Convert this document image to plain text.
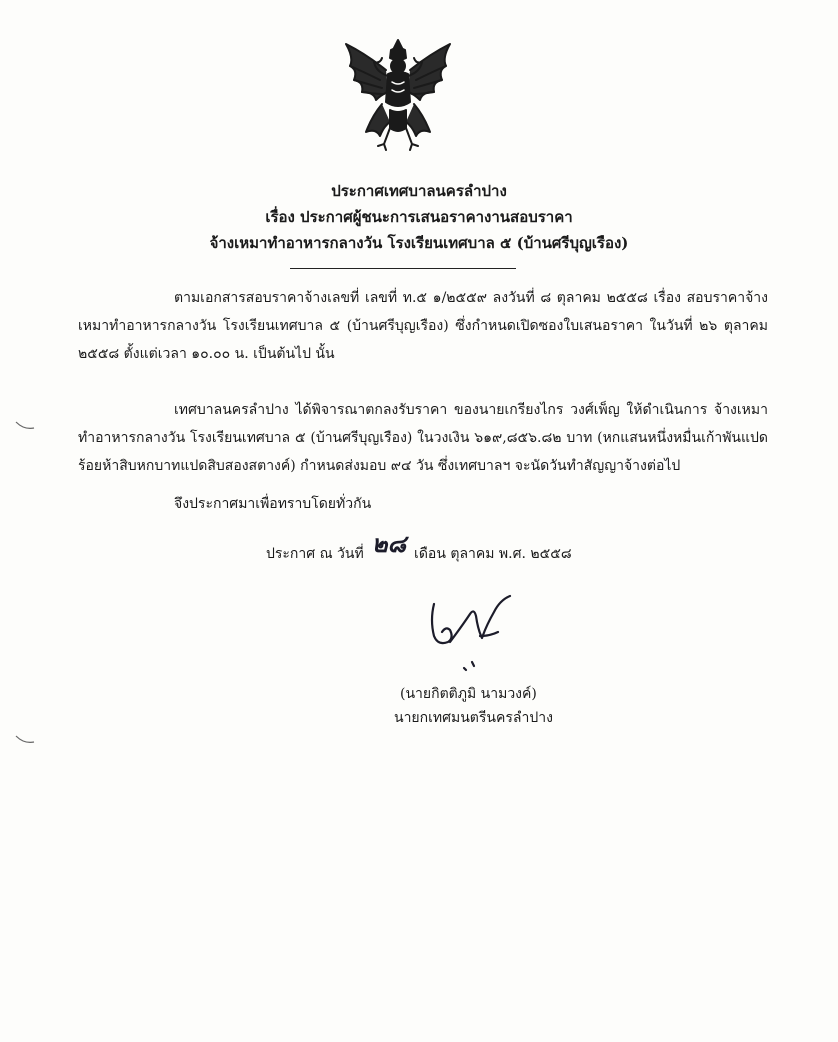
ประกาศเทศบาลนครลำปาง
เรื่อง ประกาศผู้ชนะการเสนอราคางานสอบราคา
จ้างเหมาทำอาหารกลางวัน โรงเรียนเทศบาล ๕ (บ้านศรีบุญเรือง)
ตามเอกสารสอบราคาจ้างเลขที่ เลขที่ ท.๕ ๑/๒๕๕๙ ลงวันที่ ๘ ตุลาคม ๒๕๕๘ เรื่อง สอบราคาจ้างเหมาทำอาหารกลางวัน โรงเรียนเทศบาล ๕ (บ้านศรีบุญเรือง) ซึ่งกำหนดเปิดซองใบเสนอราคา ในวันที่ ๒๖ ตุลาคม ๒๕๕๘ ตั้งแต่เวลา ๑๐.๐๐ น. เป็นต้นไป นั้น
เทศบาลนครลำปาง ได้พิจารณาตกลงรับราคา ของนายเกรียงไกร วงศ์เพ็ญ ให้ดำเนินการ จ้างเหมาทำอาหารกลางวัน โรงเรียนเทศบาล ๕ (บ้านศรีบุญเรือง) ในวงเงิน ๖๑๙,๘๕๖.๘๒ บาท (หกแสนหนึ่งหมื่นเก้าพันแปดร้อยห้าสิบหกบาทแปดสิบสองสตางค์) กำหนดส่งมอบ ๙๔ วัน ซึ่งเทศบาลฯ จะนัดวันทำสัญญาจ้างต่อไป
จึงประกาศมาเพื่อทราบโดยทั่วกัน
ประกาศ ณ วันที่ ๒๘ เดือน ตุลาคม พ.ศ. ๒๕๕๘
(นายกิตติภูมิ นามวงค์)
นายกเทศมนตรีนครลำปาง
